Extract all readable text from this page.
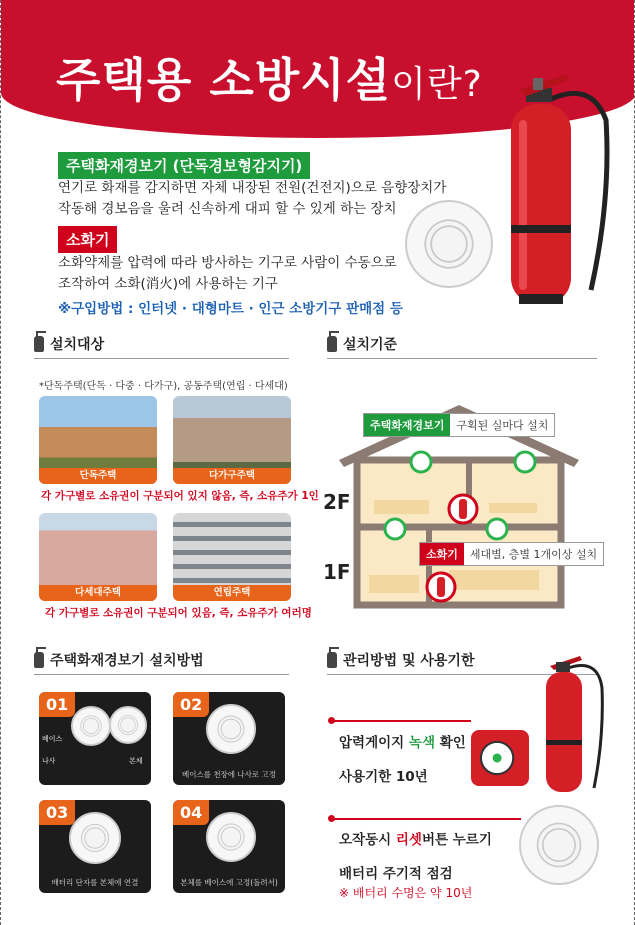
주택용 소방시설이란?
주택화재경보기 (단독경보형감지기)
연기로 화재를 감지하면 자체 내장된 전원(건전지)으로 음향장치가
작동해 경보음을 울려 신속하게 대피 할 수 있게 하는 장치
소화기
소화약제를 압력에 따라 방사하는 기구로 사람이 수동으로
조작하여 소화(消火)에 사용하는 기구
※구입방법 : 인터넷 · 대형마트 · 인근 소방기구 판매점 등
설치대상
*단독주택(단독 · 다중 · 다가구), 공동주택(연립 · 다세대)
단독주택	다가구주택
각 가구별로 소유권이 구분되어 있지 않음, 즉, 소유주가 1인
다세대주택	연립주택
각 가구별로 소유권이 구분되어 있음, 즉, 소유주가 여러명
설치기준
주택화재경보기	구획된 실마다 설치
소화기	세대별, 층별 1개이상 설치
2F
1F
주택화재경보기 설치방법
01
베이스
나사	본체
02
베이스를 천장에 나사로 고정
03
배터리 단자를 본체에 연결
04
본체를 베이스에 고정(돌려서)
관리방법 및 사용기한
압력게이지 녹색 확인
사용기한 10년
오작동시 리셋버튼 누르기
배터리 주기적 점검
※ 배터리 수명은 약 10년
